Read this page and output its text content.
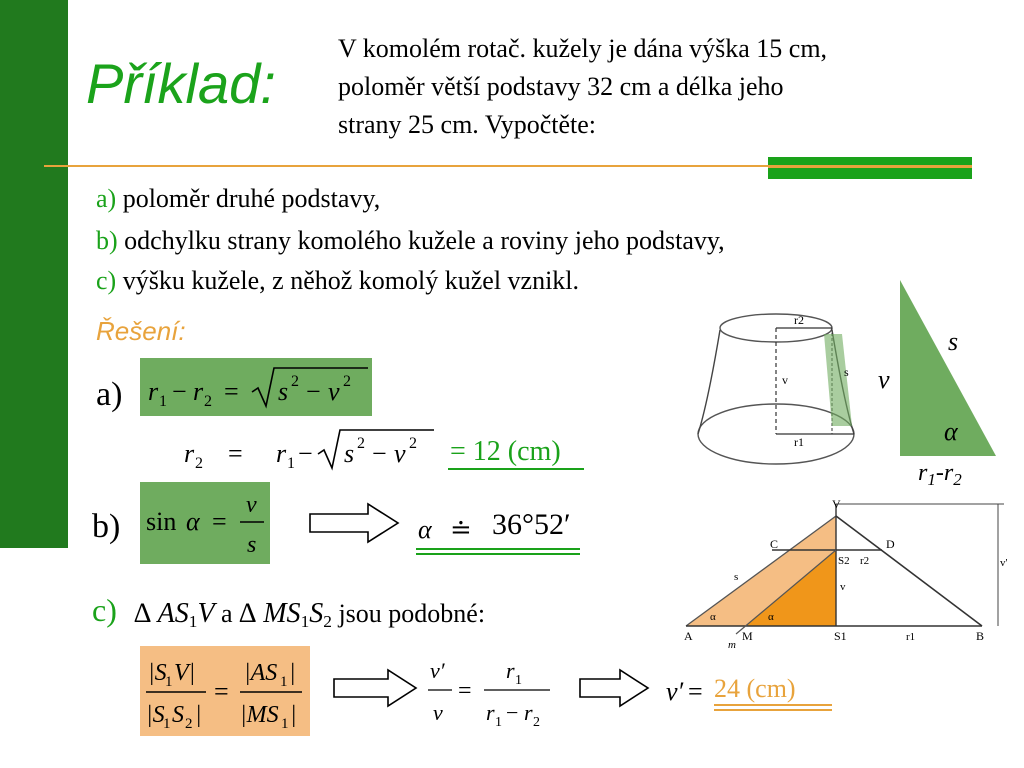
Příklad:
V komolém rotač. kužely je dána výška 15 cm,
poloměr větší podstavy 32 cm a délka jeho
strany 25 cm. Vypočtěte:
a) poloměr druhé podstavy,
b) odchylku strany komolého kužele a roviny jeho podstavy,
c) výšku kužele, z něhož komolý kužel vznikl.
Řešení:
a) r 1 − r 2 = s 2 − v 2
r 2 = r 1 − s 2 − v 2 = 12 (cm)
b) sin α =
v
s
α ≐ 36°52′
c) ∆ $AS_1V$ a ∆ $MS_1S_2$ jsou podobné:
|S
1 V|
|S
1 S 2 |
=
|AS 1 |
|MS 1 |
v′
v
=
r 1
r 1 − r 2
v′ = 24 (cm)
s
v
α
$r_1-r_2$
r2
s
v
r1
V
C	D
S2 r2	v'
s
v
α	α
A	M
m
S1	r1	B
